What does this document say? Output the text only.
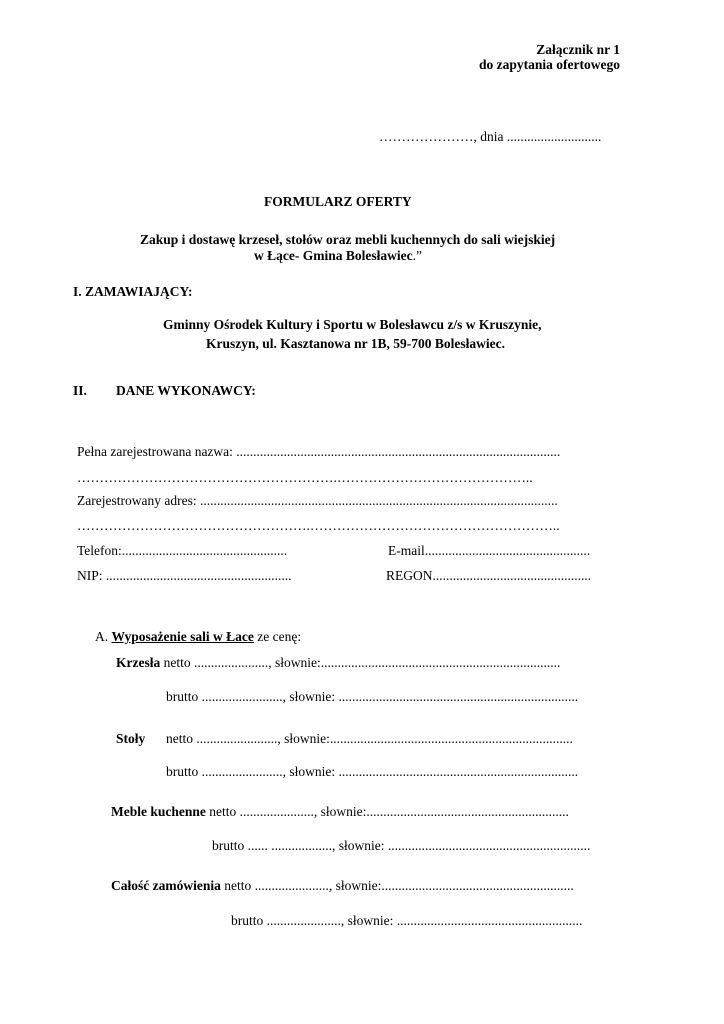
Załącznik nr 1
do zapytania ofertowego
…………………, dnia ............................
FORMULARZ OFERTY
Zakup i dostawę krzeseł, stołów oraz mebli kuchennych do sali wiejskiej
w Łące- Gmina Bolesławiec.”
I. ZAMAWIAJĄCY:
Gminny Ośrodek Kultury i Sportu w Bolesławcu z/s w Kruszynie,
Kruszyn, ul. Kasztanowa nr 1B, 59-700 Bolesławiec.
II. DANE WYKONAWCY:
Pełna zarejestrowana nazwa: ................................................................................................
………………………………………………….……………………………………..
Zarejestrowany adres: ..........................................................................................................
…………………………………………….………………………………………………..
Telefon:.................................................	E-mail.................................................
NIP: .......................................................	REGON...............................................
A. Wyposażenie sali w Łace ze cenę:
Krzesła netto ......................, słownie:.......................................................................
brutto ........................, słownie: .......................................................................
Stoły netto ........................, słownie:........................................................................
brutto ........................, słownie: .......................................................................
Meble kuchenne netto ......................, słownie:............................................................
brutto ...... .................., słownie: ............................................................
Całość zamówienia netto ......................, słownie:.........................................................
brutto ......................, słownie: .......................................................
